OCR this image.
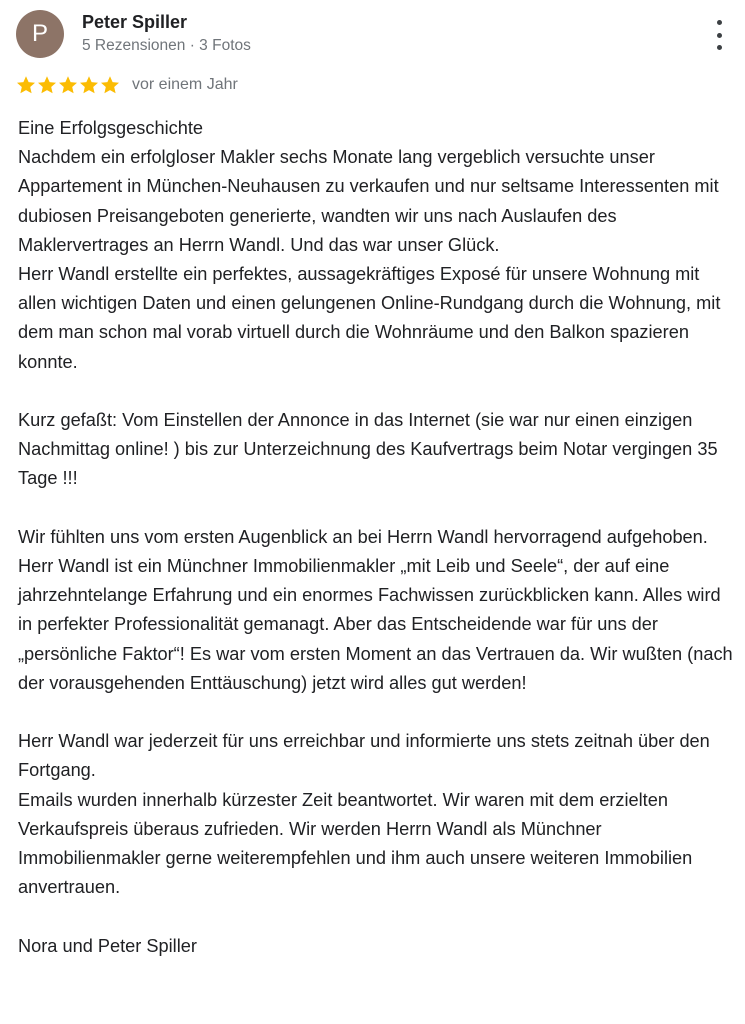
P	Peter Spiller
5 Rezensionen · 3 Fotos
vor einem Jahr

Eine Erfolgsgeschichte
Nachdem ein erfolgloser Makler sechs Monate lang vergeblich versuchte unser Appartement in München-Neuhausen zu verkaufen und nur seltsame Interessenten mit dubiosen Preisangeboten generierte, wandten wir uns nach Auslaufen des Maklervertrages an Herrn Wandl. Und das war unser Glück.
Herr Wandl erstellte ein perfektes, aussagekräftiges Exposé für unsere Wohnung mit allen wichtigen Daten und einen gelungenen Online-Rundgang durch die Wohnung, mit dem man schon mal vorab virtuell durch die Wohnräume und den Balkon spazieren konnte.

Kurz gefaßt: Vom Einstellen der Annonce in das Internet (sie war nur einen einzigen Nachmittag online! ) bis zur Unterzeichnung des Kaufvertrags beim Notar vergingen 35 Tage !!!

Wir fühlten uns vom ersten Augenblick an bei Herrn Wandl hervorragend aufgehoben.
Herr Wandl ist ein Münchner Immobilienmakler „mit Leib und Seele“, der auf eine jahrzehntelange Erfahrung und ein enormes Fachwissen zurückblicken kann. Alles wird in perfekter Professionalität gemanagt. Aber das Entscheidende war für uns der „persönliche Faktor“! Es war vom ersten Moment an das Vertrauen da. Wir wußten (nach der vorausgehenden Enttäuschung) jetzt wird alles gut werden!

Herr Wandl war jederzeit für uns erreichbar und informierte uns stets zeitnah über den Fortgang.
Emails wurden innerhalb kürzester Zeit beantwortet. Wir waren mit dem erzielten Verkaufspreis überaus zufrieden. Wir werden Herrn Wandl als Münchner Immobilienmakler gerne weiterempfehlen und ihm auch unsere weiteren Immobilien anvertrauen.

Nora und Peter Spiller
